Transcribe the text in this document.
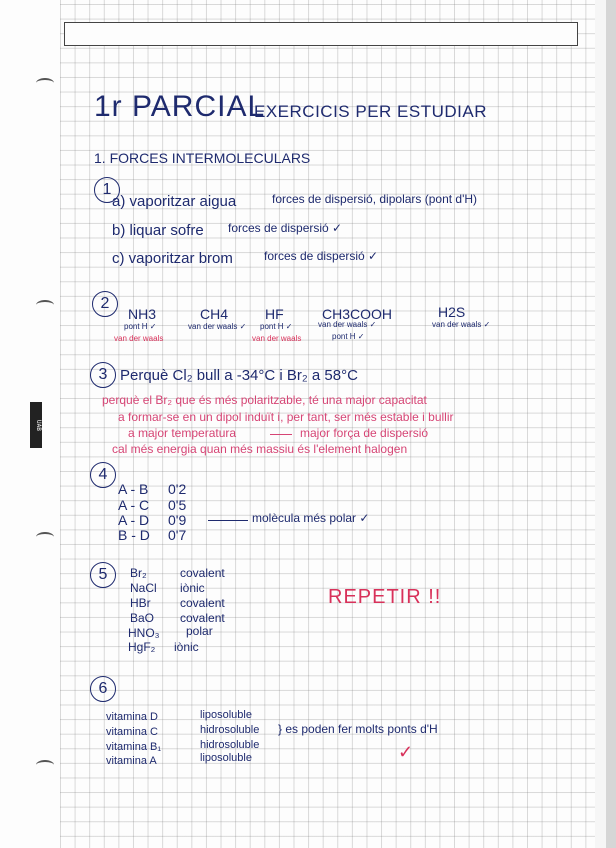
UAB
1r PARCIAL
EXERCICIS PER ESTUDIAR
1. FORCES INTERMOLECULARS
1
a) vaporitzar aigua	forces de dispersió, dipolars (pont d'H)
b) liquar sofre forces de dispersió ✓
c) vaporitzar brom	forces de dispersió ✓
2
NH3
pont H ✓
van der waals
CH4
van der waals ✓
HF
pont H ✓
van der waals
CH3COOH
van der waals ✓
pont H ✓
H2S
van der waals ✓
3 Perquè Cl₂ bull a -34°C i Br₂ a 58°C
perquè el Br₂ que és més polaritzable, té una major capacitat
a formar-se en un dipol induït i, per tant, ser més estable i bullir
a major temperatura	major força de dispersió
cal més energia quan més massiu és l'element halogen
4
A - B 0'2
A - C 0'5
A - D 0'9
B - D 0'7
molècula més polar ✓
5	Br₂	covalent
NaCl iònic
HBr covalent
BaO covalent
HNO₃ polar
HgF₂ iònic
REPETIR !!
6
vitamina D	liposoluble
vitamina C	hidrosoluble
vitamina B₁	hidrosoluble
vitamina A	liposoluble
} es poden fer molts ponts d'H
✓
